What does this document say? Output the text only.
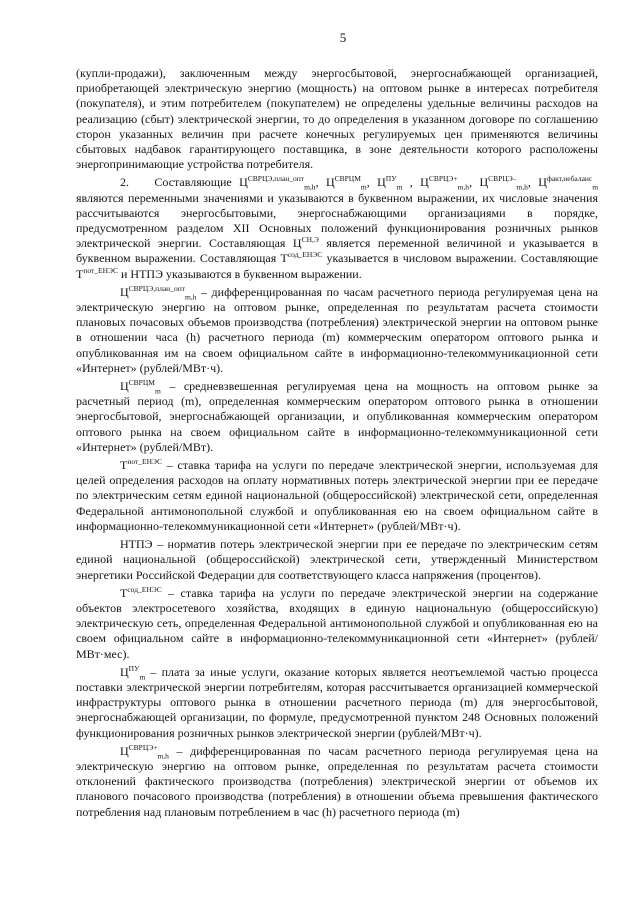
5

(купли-продажи), заключенным между энергосбытовой, энергоснабжающей организацией, приобретающей электрическую энергию (мощность) на оптовом рынке в интересах потребителя (покупателя), и этим потребителем (покупателем) не определены удельные величины расходов на реализацию (сбыт) электрической энергии, то до определения в указанном договоре по соглашению сторон указанных величин при расчете конечных регулируемых цен применяются величины сбытовых надбавок гарантирующего поставщика, в зоне деятельности которого расположены энергопринимающие устройства потребителя.

2. Составляющие $Ц^{СВРЦЭ,план\_опт}_{m,h}$, $Ц^{СВРЦМ}_m$, $Ц^{ПУ}_m$ , $Ц^{СВРЦЭ+}_{m,h}$, $Ц^{СВРЦЭ-}_{m,h}$, $Ц^{факт,небаланс}_m$ являются переменными значениями и указываются в буквенном выражении, их числовые значения рассчитываются энергосбытовыми, энергоснабжающими организациями в порядке, предусмотренном разделом XII Основных положений функционирования розничных рынков электрической энергии. Составляющая $Ц^{СН,Э}$ является переменной величиной и указывается в буквенном выражении. Составляющая $Т^{сод\_ЕНЭС}$ указывается в числовом выражении. Составляющие $Т^{пот\_ЕНЭС}$ и НТПЭ указываются в буквенном выражении.

$Ц^{СВРЦЭ,план\_опт}_{m,h}$ – дифференцированная по часам расчетного периода регулируемая цена на электрическую энергию на оптовом рынке, определенная по результатам расчета стоимости плановых почасовых объемов производства (потребления) электрической энергии на оптовом рынке в отношении часа (h) расчетного периода (m) коммерческим оператором оптового рынка и опубликованная им на своем официальном сайте в информационно-телекоммуникационной сети «Интернет» (рублей/МВт·ч).

$Ц^{СВРЦМ}_m$ – средневзвешенная регулируемая цена на мощность на оптовом рынке за расчетный период (m), определенная коммерческим оператором оптового рынка в отношении энергосбытовой, энергоснабжающей организации, и опубликованная коммерческим оператором оптового рынка на своем официальном сайте в информационно-телекоммуникационной сети «Интернет» (рублей/МВт).

$Т^{пот\_ЕНЭС}$ – ставка тарифа на услуги по передаче электрической энергии, используемая для целей определения расходов на оплату нормативных потерь электрической энергии при ее передаче по электрическим сетям единой национальной (общероссийской) электрической сети, определенная Федеральной антимонопольной службой и опубликованная ею на своем официальном сайте в информационно-телекоммуникационной сети «Интернет» (рублей/МВт·ч).

НТПЭ – норматив потерь электрической энергии при ее передаче по электрическим сетям единой национальной (общероссийской) электрической сети, утвержденный Министерством энергетики Российской Федерации для соответствующего класса напряжения (процентов).

$Т^{сод\_ЕНЭС}$ – ставка тарифа на услуги по передаче электрической энергии на содержание объектов электросетевого хозяйства, входящих в единую национальную (общероссийскую) электрическую сеть, определенная Федеральной антимонопольной службой и опубликованная ею на своем официальном сайте в информационно-телекоммуникационной сети «Интернет» (рублей/МВт·мес).

$Ц^{ПУ}_m$ – плата за иные услуги, оказание которых является неотъемлемой частью процесса поставки электрической энергии потребителям, которая рассчитывается организацией коммерческой инфраструктуры оптового рынка в отношении расчетного периода (m) для энергосбытовой, энергоснабжающей организации, по формуле, предусмотренной пунктом 248 Основных положений функционирования розничных рынков электрической энергии (рублей/МВт·ч).

$Ц^{СВРЦЭ+}_{m,h}$ – дифференцированная по часам расчетного периода регулируемая цена на электрическую энергию на оптовом рынке, определенная по результатам расчета стоимости отклонений фактического производства (потребления) электрической энергии от объемов их планового почасового производства (потребления) в отношении объема превышения фактического потребления над плановым потреблением в час (h) расчетного периода (m)
